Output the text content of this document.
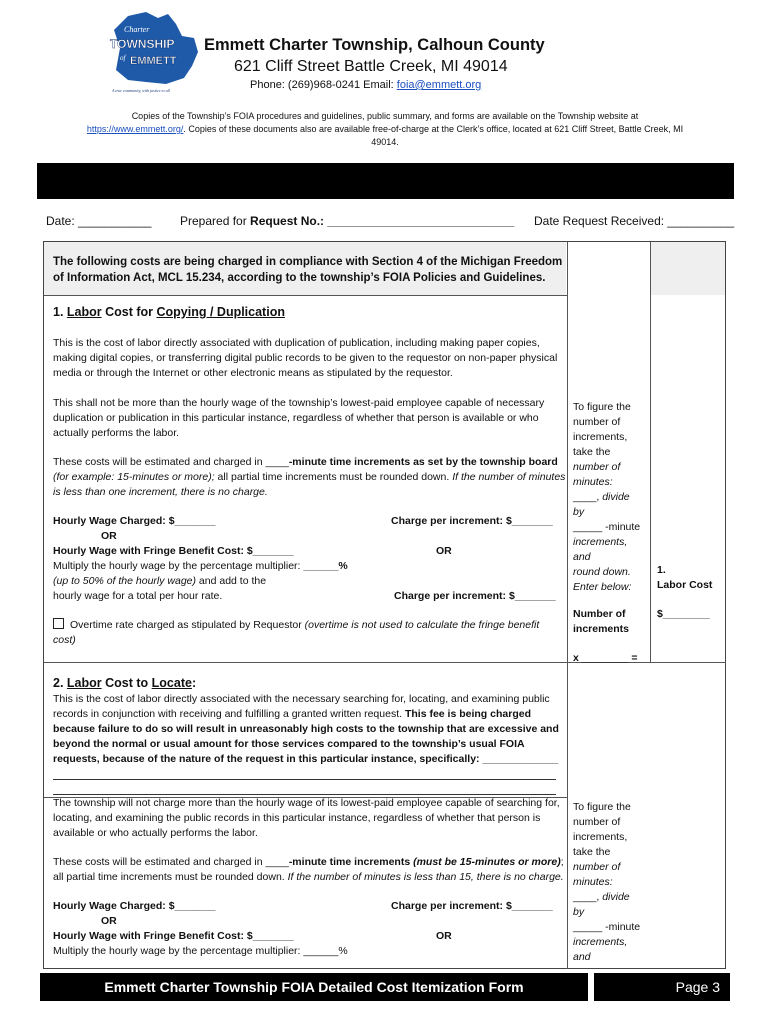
Charter
TOWNSHIP
of EMMETT
A true community, with justice to all
Emmett Charter Township, Calhoun County
621 Cliff Street Battle Creek, MI 49014
Phone: (269)968-0241 Email: foia@emmett.org
Copies of the Township’s FOIA procedures and guidelines, public summary, and forms are available on the Township website at
https://www.emmett.org/. Copies of these documents also are available free-of-charge at the Clerk’s office, located at 621 Cliff Street, Battle Creek, MI
49014.
Date: ___________ Prepared for Request No.: ____________________________ Date Request Received: __________
The following costs are being charged in compliance with Section 4 of the Michigan Freedom
of Information Act, MCL 15.234, according to the township’s FOIA Policies and Guidelines.
1. Labor Cost for Copying / Duplication
This is the cost of labor directly associated with duplication of publication, including making paper copies,
making digital copies, or transferring digital public records to be given to the requestor on non-paper physical
media or through the Internet or other electronic means as stipulated by the requestor.
This shall not be more than the hourly wage of the township’s lowest-paid employee capable of necessary
duplication or publication in this particular instance, regardless of whether that person is available or who
actually performs the labor.
These costs will be estimated and charged in ____-minute time increments as set by the township board
(for example: 15-minutes or more); all partial time increments must be rounded down. If the number of minutes
is less than one increment, there is no charge.
Hourly Wage Charged: $_______	Charge per increment: $_______
OR
Hourly Wage with Fringe Benefit Cost: $_______	OR
Multiply the hourly wage by the percentage multiplier: ______%
(up to 50% of the hourly wage) and add to the
hourly wage for a total per hour rate.	Charge per increment: $_______
Overtime rate charged as stipulated by Requestor (overtime is not used to calculate the fringe benefit
cost)
To figure the
number of
increments,
take the
number of
minutes:
____, divide
by
_____ -minute
increments,
and
round down.
Enter below:
Number of
increments
x ________ =
1.
Labor Cost
$________
2. Labor Cost to Locate:
This is the cost of labor directly associated with the necessary searching for, locating, and examining public
records in conjunction with receiving and fulfilling a granted written request. This fee is being charged
because failure to do so will result in unreasonably high costs to the township that are excessive and
beyond the normal or usual amount for those services compared to the township’s usual FOIA
requests, because of the nature of the request in this particular instance, specifically: _____________
The township will not charge more than the hourly wage of its lowest-paid employee capable of searching for,
locating, and examining the public records in this particular instance, regardless of whether that person is
available or who actually performs the labor.
These costs will be estimated and charged in ____-minute time increments (must be 15-minutes or more);
all partial time increments must be rounded down. If the number of minutes is less than 15, there is no charge.
Hourly Wage Charged: $_______	Charge per increment: $_______
OR
Hourly Wage with Fringe Benefit Cost: $_______	OR
Multiply the hourly wage by the percentage multiplier: ______%
To figure the
number of
increments,
take the
number of
minutes:
____, divide
by
_____ -minute
increments,
and
Emmett Charter Township FOIA Detailed Cost Itemization Form	Page 3
